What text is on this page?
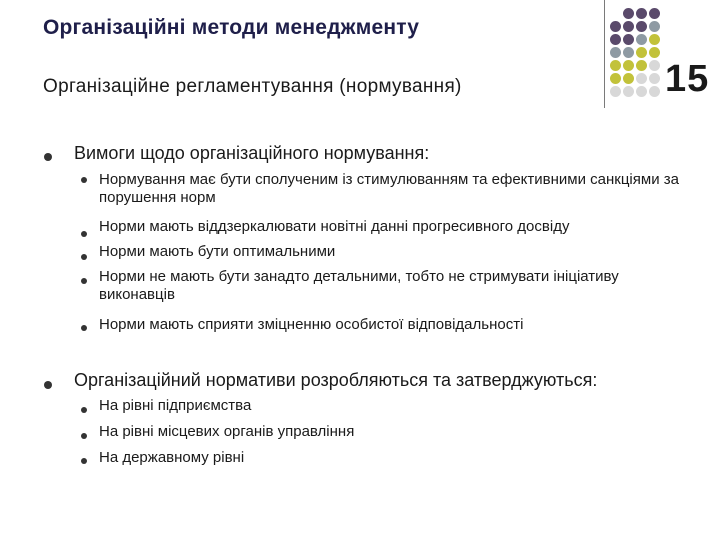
Організаційні методи менеджменту
Організаційне регламентування (нормування)	15
Вимоги щодо організаційного нормування:
Нормування має бути сполученим із стимулюванням та ефективними санкціями за порушення норм
Норми мають віддзеркалювати новітні данні прогресивного досвіду
Норми мають бути оптимальними
Норми не мають бути занадто детальними, тобто не стримувати ініціативу виконавців
Норми мають сприяти зміцненню особистої відповідальності
Організаційний нормативи розробляються та затверджуються:
На рівні підприємства
На рівні місцевих органів управління
На державному рівні
